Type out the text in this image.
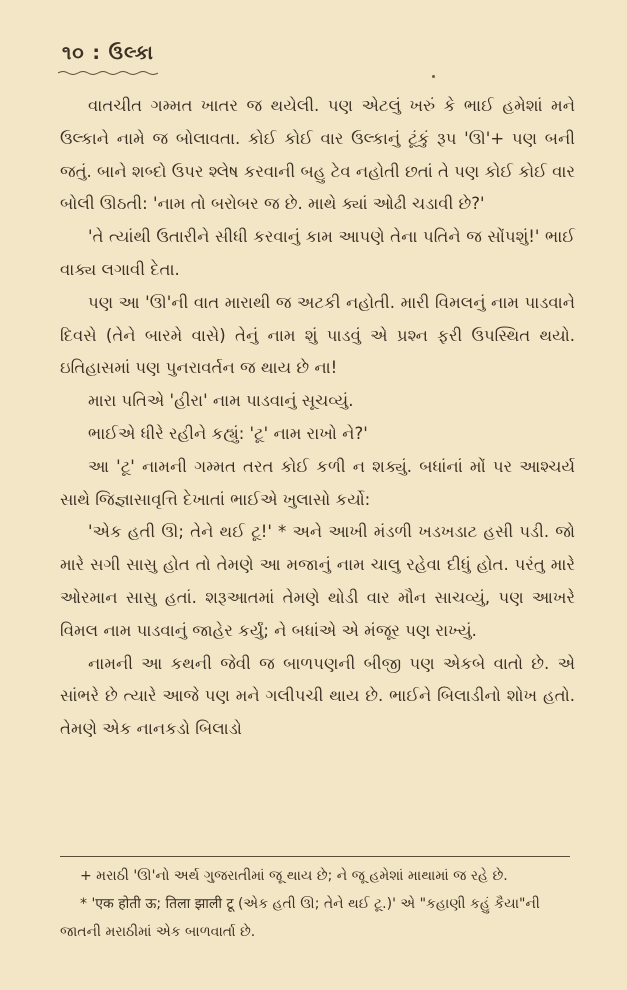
૧૦ : ઉલ્કા

વાતચીત ગમ્મત ખાતર જ થયેલી. પણ એટલું ખરું કે ભાઈ હમેશાં મને ઉલ્કાને નામે જ બોલાવતા. કોઈ કોઈ વાર ઉલ્કાનું ટૂંકું રૂપ 'ઊ'+ પણ બની જતું. બાને શબ્દો ઉપર શ્લેષ કરવાની બહુ ટેવ નહોતી છતાં તે પણ કોઈ કોઈ વાર બોલી ઊઠતી: 'નામ તો બરોબર જ છે. માથે ક્યાં ઓઢી ચડાવી છે?'

'તે ત્યાંથી ઉતારીને સીધી કરવાનું કામ આપણે તેના પતિને જ સોંપશું!' ભાઈ વાક્ય લગાવી દેતા.

પણ આ 'ઊ'ની વાત મારાથી જ અટકી નહોતી. મારી વિમલનું નામ પાડવાને દિવસે (તેને બારમે વાસે) તેનું નામ શું પાડવું એ પ્રશ્ન ફરી ઉપસ્થિત થયો. ઇતિહાસમાં પણ પુનરાવર્તન જ થાય છે ના!

મારા પતિએ 'હીરા' નામ પાડવાનું સૂચવ્યું.

ભાઈએ ધીરે રહીને કહ્યું: 'ટૂ' નામ રાખો ને?'

આ 'ટૂ' નામની ગમ્મત તરત કોઈ કળી ન શક્યું. બધાંનાં મોં પર આશ્ચર્ય સાથે જિજ્ઞાસાવૃત્તિ દેખાતાં ભાઈએ ખુલાસો કર્યો:

'એક હતી ઊ; તેને થઈ ટૂ!' * અને આખી મંડળી ખડખડાટ હસી પડી. જો મારે સગી સાસુ હોત તો તેમણે આ મજાનું નામ ચાલુ રહેવા દીધું હોત. પરંતુ મારે ઓરમાન સાસુ હતાં. શરૂઆતમાં તેમણે થોડી વાર મૌન સાચવ્યું, પણ આખરે વિમલ નામ પાડવાનું જાહેર કર્યું; ને બધાંએ એ મંજૂર પણ રાખ્યું.

નામની આ કથની જેવી જ બાળપણની બીજી પણ એકબે વાતો છે. એ સાંભરે છે ત્યારે આજે પણ મને ગલીપચી થાય છે. ભાઈને બિલાડીનો શોખ હતો. તેમણે એક નાનકડો બિલાડો

+ મરાઠી 'ઊ'નો અર્થ ગુજરાતીમાં જૂ થાય છે; ને જૂ હમેશાં માથામાં જ રહે છે.

* 'एक होती ऊ; तिला झाली टू (એક હતી ઊ; તેને થઈ ટૂ.)' એ "કહાણી કહું કૈયા"ની જાતની મરાઠીમાં એક બાળવાર્તા છે.
